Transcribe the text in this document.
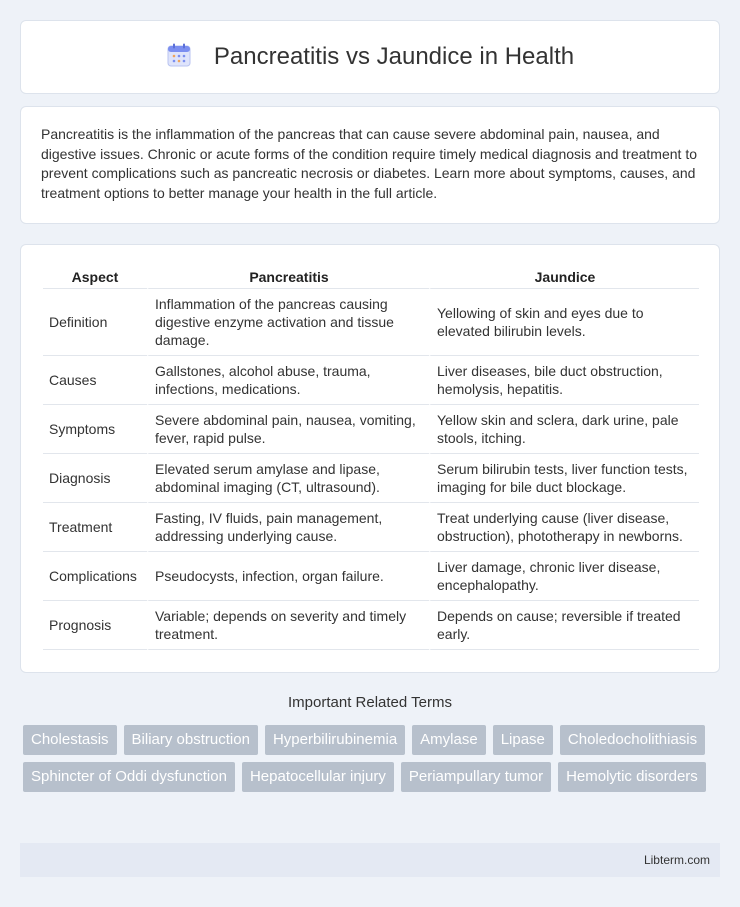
Pancreatitis vs Jaundice in Health

Pancreatitis is the inflammation of the pancreas that can cause severe abdominal pain, nausea, and digestive issues. Chronic or acute forms of the condition require timely medical diagnosis and treatment to prevent complications such as pancreatic necrosis or diabetes. Learn more about symptoms, causes, and treatment options to better manage your health in the full article.

Aspect	Pancreatitis	Jaundice
Definition	Inflammation of the pancreas causing digestive enzyme activation and tissue damage.	Yellowing of skin and eyes due to elevated bilirubin levels.
Causes	Gallstones, alcohol abuse, trauma, infections, medications.	Liver diseases, bile duct obstruction, hemolysis, hepatitis.
Symptoms	Severe abdominal pain, nausea, vomiting, fever, rapid pulse.	Yellow skin and sclera, dark urine, pale stools, itching.
Diagnosis	Elevated serum amylase and lipase, abdominal imaging (CT, ultrasound).	Serum bilirubin tests, liver function tests, imaging for bile duct blockage.
Treatment	Fasting, IV fluids, pain management, addressing underlying cause.	Treat underlying cause (liver disease, obstruction), phototherapy in newborns.
Complications	Pseudocysts, infection, organ failure.	Liver damage, chronic liver disease, encephalopathy.
Prognosis	Variable; depends on severity and timely treatment.	Depends on cause; reversible if treated early.
Important Related Terms
Cholestasis	Biliary obstruction	Hyperbilirubinemia	Amylase	Lipase	Choledocholithiasis
Sphincter of Oddi dysfunction	Hepatocellular injury	Periampullary tumor	Hemolytic disorders
Libterm.com
